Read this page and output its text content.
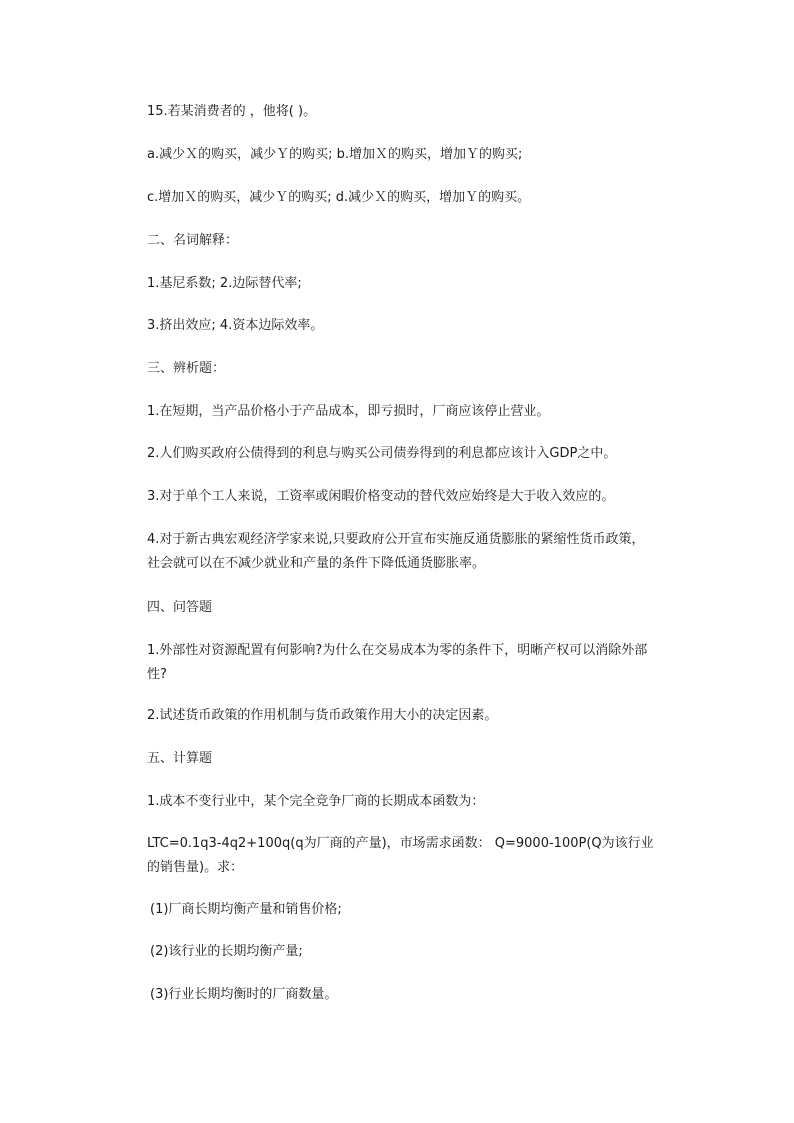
15.若某消费者的 ，他将( )。

a.减少Ｘ的购买，减少Ｙ的购买; b.增加Ｘ的购买，增加Ｙ的购买;

c.增加Ｘ的购买，减少Ｙ的购买; d.减少Ｘ的购买，增加Ｙ的购买。

二、名词解释：

1.基尼系数; 2.边际替代率;

3.挤出效应; 4.资本边际效率。

三、辨析题：

1.在短期，当产品价格小于产品成本，即亏损时，厂商应该停止营业。

2.人们购买政府公债得到的利息与购买公司债券得到的利息都应该计入GDP之中。

3.对于单个工人来说，工资率或闲暇价格变动的替代效应始终是大于收入效应的。

4.对于新古典宏观经济学家来说,只要政府公开宣布实施反通货膨胀的紧缩性货币政策，社会就可以在不减少就业和产量的条件下降低通货膨胀率。

四、问答题

1.外部性对资源配置有何影响?为什么在交易成本为零的条件下，明晰产权可以消除外部性?

2.试述货币政策的作用机制与货币政策作用大小的决定因素。

五、计算题

1.成本不变行业中，某个完全竞争厂商的长期成本函数为：

LTC=0.1q3-4q2+100q(q为厂商的产量)，市场需求函数： Q=9000-100P(Q为该行业的销售量)。求：

(1)厂商长期均衡产量和销售价格;

(2)该行业的长期均衡产量;

(3)行业长期均衡时的厂商数量。
